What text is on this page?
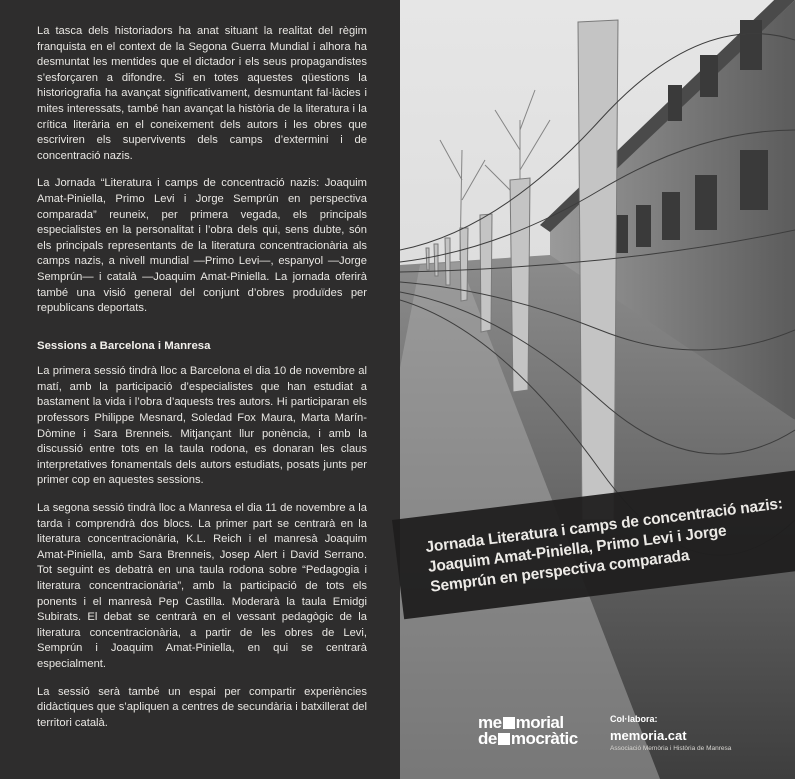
La tasca dels historiadors ha anat situant la realitat del règim franquista en el context de la Segona Guerra Mundial i alhora ha desmuntat les mentides que el dictador i els seus propagandistes s’esforçaren a difondre. Si en totes aquestes qüestions la historiografia ha avançat significativament, desmuntant fal·làcies i mites interessats, també han avançat la història de la literatura i la crítica literària en el coneixement dels autors i les obres que escriviren els supervivents dels camps d’extermini i de concentració nazis.

La Jornada “Literatura i camps de concentració nazis: Joaquim Amat-Piniella, Primo Levi i Jorge Semprún en perspectiva comparada” reuneix, per primera vegada, els principals especialistes en la personalitat i l’obra dels qui, sens dubte, són els principals representants de la literatura concentracionària als camps nazis, a nivell mundial —Primo Levi—, espanyol —Jorge Semprún— i català —Joaquim Amat-Piniella. La jornada oferirà també una visió general del conjunt d’obres produïdes per republicans deportats.

Sessions a Barcelona i Manresa

La primera sessió tindrà lloc a Barcelona el dia 10 de novembre al matí, amb la participació d’especialistes que han estudiat a bastament la vida i l’obra d’aquests tres autors. Hi participaran els professors Philippe Mesnard, Soledad Fox Maura, Marta Marín-Dòmine i Sara Brenneis. Mitjançant llur ponència, i amb la discussió entre tots en la taula rodona, es donaran les claus interpretatives fonamentals dels autors estudiats, posats junts per primer cop en aquestes sessions.

La segona sessió tindrà lloc a Manresa el dia 11 de novembre a la tarda i comprendrà dos blocs. La primer part se centrarà en la literatura concentracionària, K.L. Reich i el manresà Joaquim Amat-Piniella, amb Sara Brenneis, Josep Alert i David Serrano. Tot seguint es debatrà en una taula rodona sobre “Pedagogia i literatura concentracionària”, amb la participació de tots els ponents i el manresà Pep Castilla. Moderarà la taula Emidgi Subirats. El debat se centrarà en el vessant pedagògic de la literatura concentracionària, a partir de les obres de Levi, Semprún i Joaquim Amat-Piniella, en qui se centrarà especialment.

La sessió serà també un espai per compartir experiències didàctiques que s’apliquen a centres de secundària i batxillerat del territori català.

Jornada Literatura i camps de concentració nazis: Joaquim Amat-Piniella, Primo Levi i Jorge Semprún en perspectiva comparada
me morial
de mocràtic
Col·labora:
memoria.cat
Associació Memòria i Història de Manresa
